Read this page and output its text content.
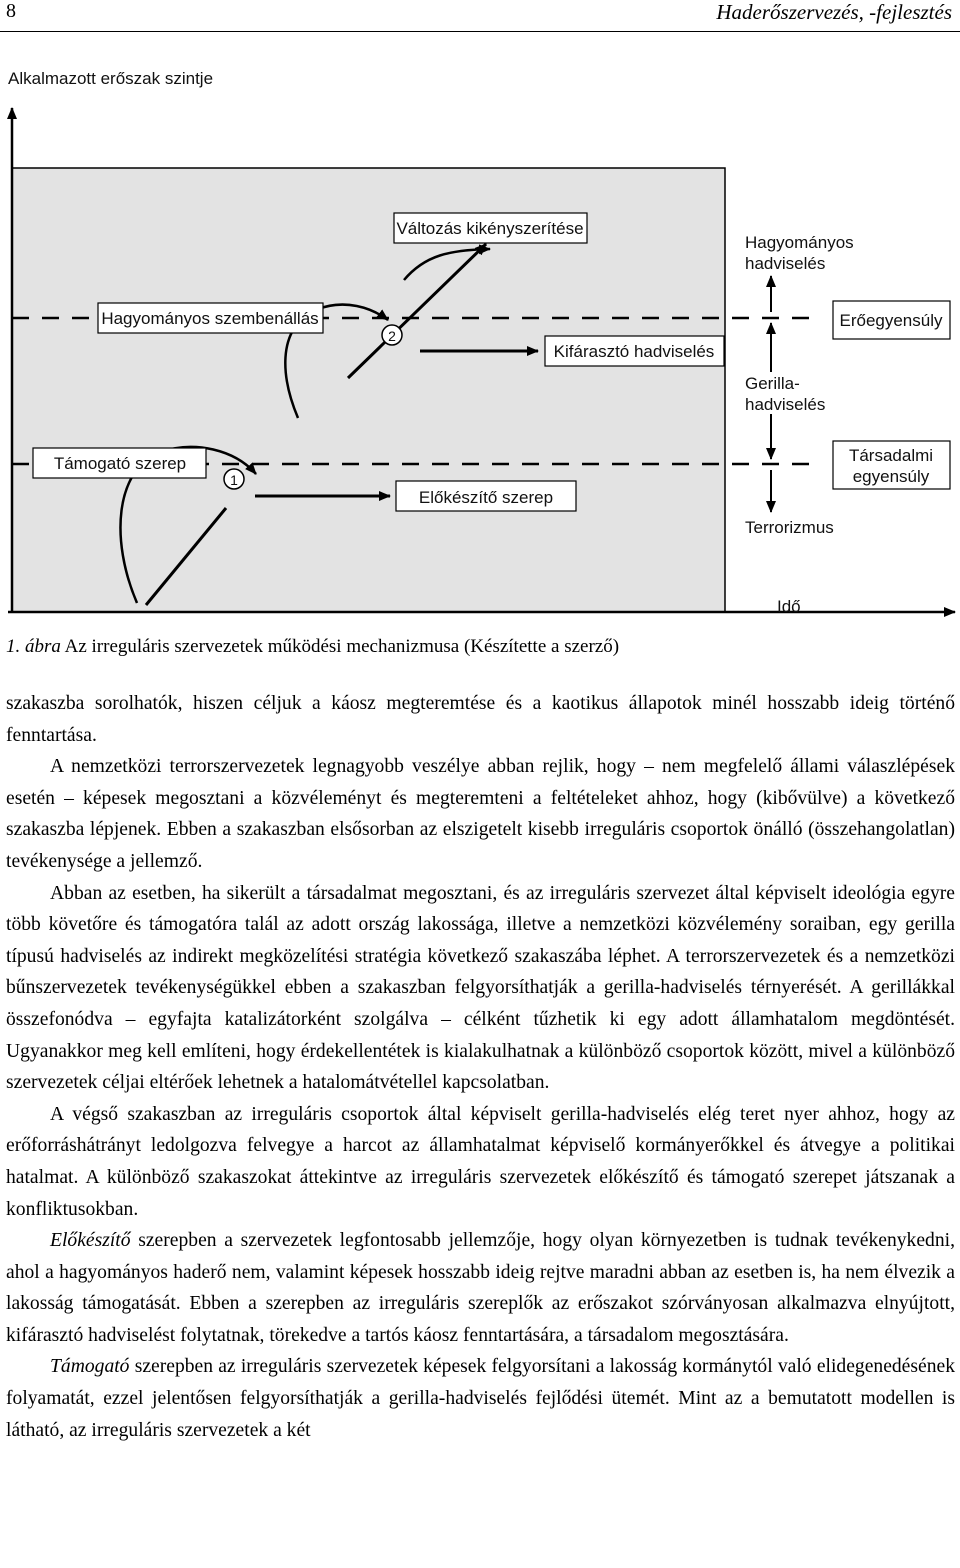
8	Haderőszervezés, -fejlesztés
Alkalmazott erőszak szintje
Idő
1
2
Változás kikényszerítése
Hagyományos szembenállás
Kifárasztó hadviselés
Támogató szerep
Előkészítő szerep
Erőegyensúly
Társadalmi
egyensúly
Hagyományos
hadviselés
Gerilla-
hadviselés
Terrorizmus
1. ábra Az irreguláris szervezetek működési mechanizmusa (Készítette a szerző)

szakaszba sorolhatók, hiszen céljuk a káosz megteremtése és a kaotikus állapotok minél hosszabb ideig történő fenntartása.

A nemzetközi terrorszervezetek legnagyobb veszélye abban rejlik, hogy – nem megfelelő állami válaszlépések esetén – képesek megosztani a közvéleményt és megteremteni a feltételeket ahhoz, hogy (kibővülve) a következő szakaszba lépjenek. Ebben a szakaszban elsősorban az elszigetelt kisebb irreguláris csoportok önálló (összehangolatlan) tevékenysége a jellemző.

Abban az esetben, ha sikerült a társadalmat megosztani, és az irreguláris szervezet által képviselt ideológia egyre több követőre és támogatóra talál az adott ország lakossága, illetve a nemzetközi közvélemény soraiban, egy gerilla típusú hadviselés az indirekt megközelítési stratégia következő szakaszába léphet. A terrorszervezetek és a nemzetközi bűnszervezetek tevékenységükkel ebben a szakaszban felgyorsíthatják a gerilla-hadviselés térnyerését. A gerillákkal összefonódva – egyfajta katalizátorként szolgálva – célként tűzhetik ki egy adott államhatalom megdöntését. Ugyanakkor meg kell említeni, hogy érdekellentétek is kialakulhatnak a különböző csoportok között, mivel a különböző szervezetek céljai eltérőek lehetnek a hatalomátvétellel kapcsolatban.

A végső szakaszban az irreguláris csoportok által képviselt gerilla-hadviselés elég teret nyer ahhoz, hogy az erőforráshátrányt ledolgozva felvegye a harcot az államhatalmat képviselő kormányerőkkel és átvegye a politikai hatalmat. A különböző szakaszokat áttekintve az irreguláris szervezetek előkészítő és támogató szerepet játszanak a konfliktusokban.

Előkészítő szerepben a szervezetek legfontosabb jellemzője, hogy olyan környezetben is tudnak tevékenykedni, ahol a hagyományos haderő nem, valamint képesek hosszabb ideig rejtve maradni abban az esetben is, ha nem élvezik a lakosság támogatását. Ebben a szerepben az irreguláris szereplők az erőszakot szórványosan alkalmazva elnyújtott, kifárasztó hadviselést folytatnak, törekedve a tartós káosz fenntartására, a társadalom megosztására.

Támogató szerepben az irreguláris szervezetek képesek felgyorsítani a lakosság kormánytól való elidegenedésének folyamatát, ezzel jelentősen felgyorsíthatják a gerilla-hadviselés fejlődési ütemét. Mint az a bemutatott modellen is látható, az irreguláris szervezetek a két
